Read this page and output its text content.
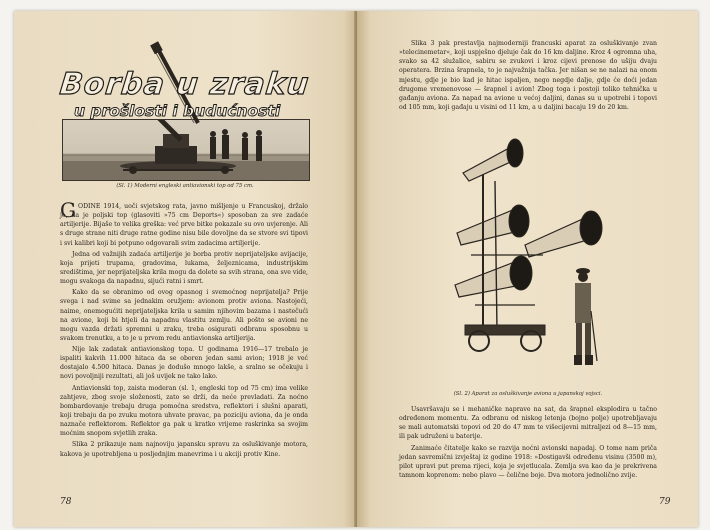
Borba u zraku
u prošlosti i budućnosti

(Sl. 1) Moderni engleski antiavionski top od 75 cm.

G ODINE 1914, uoči svjetskog rata, javno mišljenje u Francuskoj, držalo je, da je poljski top (glasoviti »75 cm Deports«) sposoban za sve zadaće artiljerije. Bijaše to velika greška: već prve bitke pokazale su ovo uvjerenje. Ali s druge strane niti druge ratne godine nisu bile dovoljne da se stvore svi tipovi i svi kalibri koji bi potpuno odgovarali svim zadacima artiljerije.

Jedna od važnijih zadaća artiljerije je borba protiv neprijateljske avijacije, koja prijeti trupama, gradovima, lukama, željeznicama, industrijskim središtima, jer neprijateljska krila mogu da dolete sa svih strana, ona sve vide, mogu svakoga da napadnu, sijući ratni i smrt.

Kako da se obranimo od ovog opasnog i svemoćnog neprijatelja? Prije svega i nad svime sa jednakim oružjem: avionom protiv aviona. Nastojeći, naime, onemogućiti neprijateljska krila u samim njihovim bazama i nastečući na avione, koji bi htjeli da napadnu vlastitu zemlju. Ali pošto se avioni ne mogu vazda držati spremni u zraku, treba osigurati odbranu sposobnu u svakom trenutku, a to je u prvom redu antiavionska artiljerija.

Nije lak zadatak antiavionskog topa. U godinama 1916—17 trebalo je ispaliti kakvih 11.000 hitaca da se oboren jedan sami avion; 1918 je već dostajalo 4.500 hitaca. Danas je dodušo mnogo lakše, a sralno se očekuju i novi povoljniji rezultati, ali još uvijek ne tako lako.

Antiavionski top, zaista moderan (sl. 1, engleski top od 75 cm) ima velike zahtjeve, zbog svoje složenosti, zato se drži, da neće prevladati. Za noćno bombardovanje trebaju druga pomoćna sredstva, reflektori i slušni aparati, koji trebaju da po zvuku motora uhvate pravac, pa poziciju aviona, da je onda naznače reflektorom. Reflektor ga pak u kratko vrijeme raskrinka sa svojim moćnim snopom svjetlih zraka.

Slika 2 prikazuje nam najnoviju japansku spravu za osluškivanje motora, kakova je upotrebljena u posljednjim manevrima i u akciji protiv Kine.

78

Slika 3 pak prestavlja najmoderniji francuski aparat za osluškivanje zvan »telecinemetar«, koji uspješno djeluje čak do 16 km daljine. Kroz 4 ogromna uha, svako sa 42 služalice, sabiru se zvukovi i kroz cijevi prenose do ušiju dvaju operatera. Brzina šrapnela, to je najvažnija tačka. Jer nišan se ne nalazi na onom mjestu, gdje je bio kad je hitac ispaljen, nego negdje dalje, gdje će doći jedan drugome vremenovose — šrapnel i avion! Zbog toga i postoji toliko tehnička u gađanju aviona. Za napad na avione u većoj daljini, danas su u upotrebi i topovi od 105 mm, koji gađaju u visini od 11 km, a u daljini bacaju 19 do 20 km.

(Sl. 2) Aparat za osluškivanje aviona u japanskoj vojsci.

Usavršavaju se i mehaničke naprave na sat, da šrapnel eksplodira u tačno određenom momentu. Za odbranu od niskog letenja (bojno polje) upotrebljavaju se mali automatski topovi od 20 do 47 mm te višecijevni mitraljezi od 8—15 mm, ili pak udruženi u baterije.

Zanimaće čitatelje kako se razvija noćni avionski napadaj. O tome nam priča jedan savremični izvještaj iz godine 1918: »Dostigavši određenu visinu (3500 m), pilot upravi put prema rijeci, koja je svjetlucala. Zemlja sva kao da je prekrivena tamnom koprenom: nebo plavo — čelične boje. Dva motora jednolično zvije.

79
